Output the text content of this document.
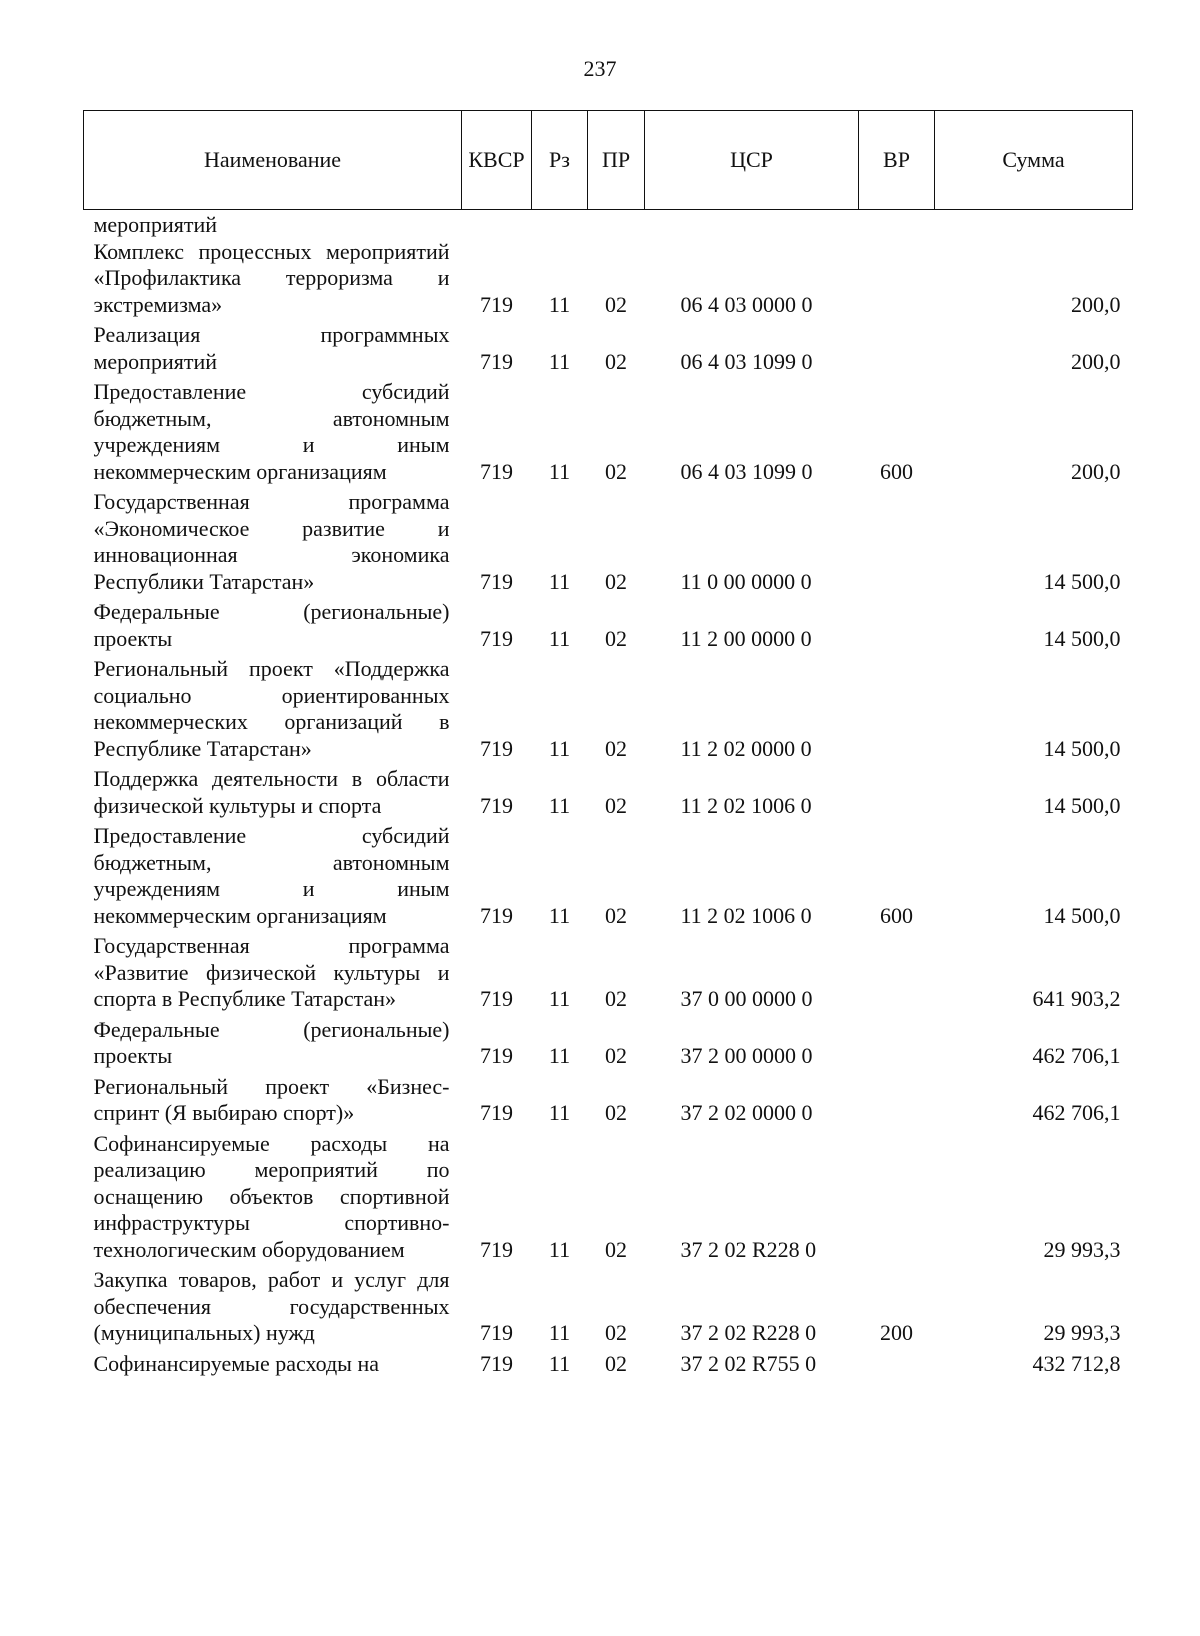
237
Наименование	КВСР	Рз	ПР	ЦСР	ВР	Сумма
мероприятий						
Комплекс процессных мероприятий «Профилактика терроризма и экстремизма»	719	11	02	06 4 03 0000 0		200,0
Реализация программных мероприятий	719	11	02	06 4 03 1099 0		200,0
Предоставление субсидий бюджетным, автономным учреждениям и иным некоммерческим организациям	719	11	02	06 4 03 1099 0	600	200,0
Государственная программа «Экономическое развитие и инновационная экономика Республики Татарстан»	719	11	02	11 0 00 0000 0		14 500,0
Федеральные (региональные) проекты	719	11	02	11 2 00 0000 0		14 500,0
Региональный проект «Поддержка социально ориентированных некоммерческих организаций в Республике Татарстан»	719	11	02	11 2 02 0000 0		14 500,0
Поддержка деятельности в области физической культуры и спорта	719	11	02	11 2 02 1006 0		14 500,0
Предоставление субсидий бюджетным, автономным учреждениям и иным некоммерческим организациям	719	11	02	11 2 02 1006 0	600	14 500,0
Государственная программа «Развитие физической культуры и спорта в Республике Татарстан»	719	11	02	37 0 00 0000 0		641 903,2
Федеральные (региональные) проекты	719	11	02	37 2 00 0000 0		462 706,1
Региональный проект «Бизнес-спринт (Я выбираю спорт)»	719	11	02	37 2 02 0000 0		462 706,1
Софинансируемые расходы на реализацию мероприятий по оснащению объектов спортивной инфраструктуры спортивно-технологическим оборудованием	719	11	02	37 2 02 R228 0		29 993,3
Закупка товаров, работ и услуг для обеспечения государственных (муниципальных) нужд	719	11	02	37 2 02 R228 0	200	29 993,3
Софинансируемые расходы на	719	11	02	37 2 02 R755 0		432 712,8
